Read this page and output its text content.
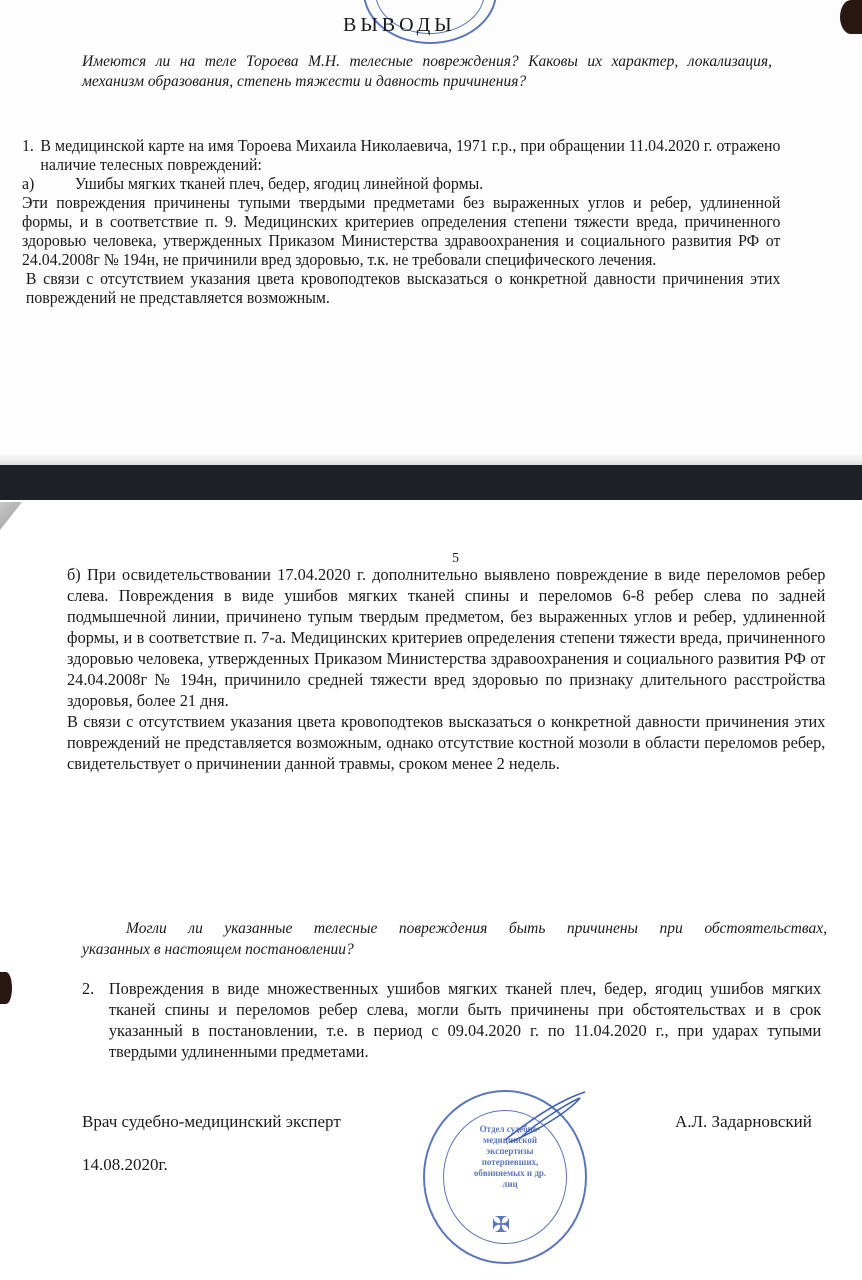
ВЫВОДЫ
Имеются ли на теле Тороева М.Н. телесные повреждения? Каковы их характер, локализация, механизм образования, степень тяжести и давность причинения?
1. В медицинской карте на имя Тороева Михаила Николаевича, 1971 г.р., при обращении 11.04.2020 г. отражено наличие телесных повреждений:
а)	Ушибы мягких тканей плеч, бедер, ягодиц линейной формы.
Эти повреждения причинены тупыми твердыми предметами без выраженных углов и ребер, удлиненной формы, и в соответствие п. 9. Медицинских критериев определения степени тяжести вреда, причиненного здоровью человека, утвержденных Приказом Министерства здравоохранения и социального развития РФ от 24.04.2008г № 194н, не причинили вред здоровью, т.к. не требовали специфического лечения.
В связи с отсутствием указания цвета кровоподтеков высказаться о конкретной давности причинения этих повреждений не представляется возможным.
5
б) При освидетельствовании 17.04.2020 г. дополнительно выявлено повреждение в виде переломов ребер слева. Повреждения в виде ушибов мягких тканей спины и переломов 6-8 ребер слева по задней подмышечной линии, причинено тупым твердым предметом, без выраженных углов и ребер, удлиненной формы, и в соответствие п. 7-а. Медицинских критериев определения степени тяжести вреда, причиненного здоровью человека, утвержденных Приказом Министерства здравоохранения и социального развития РФ от 24.04.2008г № 194н, причинило средней тяжести вред здоровью по признаку длительного расстройства здоровья, более 21 дня.
В связи с отсутствием указания цвета кровоподтеков высказаться о конкретной давности причинения этих повреждений не представляется возможным, однако отсутствие костной мозоли в области переломов ребер, свидетельствует о причинении данной травмы, сроком менее 2 недель.
Могли ли указанные телесные повреждения быть причинены при обстоятельствах,
указанных в настоящем постановлении?
2. Повреждения в виде множественных ушибов мягких тканей плеч, бедер, ягодиц ушибов мягких тканей спины и переломов ребер слева, могли быть причинены при обстоятельствах и в срок указанный в постановлении, т.е. в период с 09.04.2020 г. по 11.04.2020 г., при ударах тупыми твердыми удлиненными предметами.
Врач судебно-медицинский эксперт	А.Л. Задарновский
14.08.2020г.
Отдел судебно-медицинской экспертизы потерпевших, обвиняемых и др. лиц
✠
